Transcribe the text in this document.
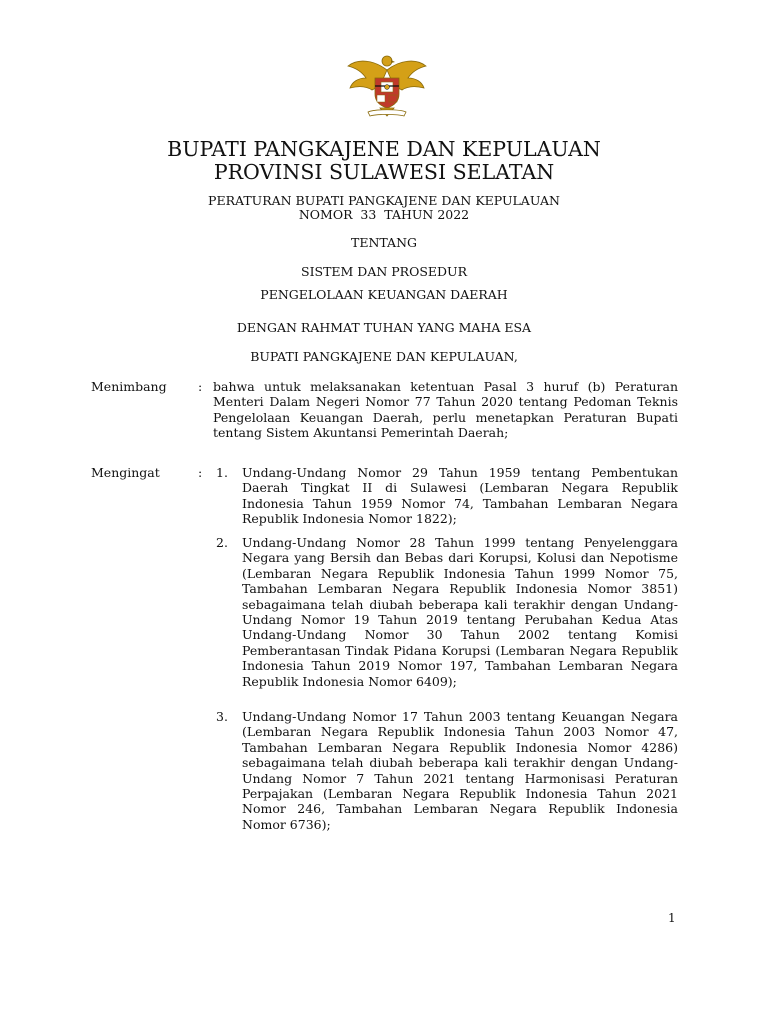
BUPATI PANGKAJENE DAN KEPULAUAN
PROVINSI SULAWESI SELATAN
PERATURAN BUPATI PANGKAJENE DAN KEPULAUAN
NOMOR  33  TAHUN 2022
TENTANG
SISTEM DAN PROSEDUR
PENGELOLAAN KEUANGAN DAERAH
DENGAN RAHMAT TUHAN YANG MAHA ESA
BUPATI PANGKAJENE DAN KEPULAUAN,
Menimbang	: bahwa untuk melaksanakan ketentuan Pasal 3 huruf (b) Peraturan Menteri Dalam Negeri Nomor 77 Tahun 2020 tentang Pedoman Teknis Pengelolaan Keuangan Daerah, perlu menetapkan Peraturan Bupati tentang Sistem Akuntansi Pemerintah Daerah;
Mengingat	: 1. Undang-Undang Nomor 29 Tahun 1959 tentang Pembentukan Daerah Tingkat II di Sulawesi (Lembaran Negara Republik Indonesia Tahun 1959 Nomor 74, Tambahan Lembaran Negara Republik Indonesia Nomor 1822);
2. Undang-Undang Nomor 28 Tahun 1999 tentang Penyelenggara Negara yang Bersih dan Bebas dari Korupsi, Kolusi dan Nepotisme (Lembaran Negara Republik Indonesia Tahun 1999 Nomor 75, Tambahan Lembaran Negara Republik Indonesia Nomor 3851) sebagaimana telah diubah beberapa kali terakhir dengan Undang-Undang Nomor 19 Tahun 2019 tentang Perubahan Kedua Atas Undang-Undang Nomor 30 Tahun 2002 tentang Komisi Pemberantasan Tindak Pidana Korupsi (Lembaran Negara Republik Indonesia Tahun 2019 Nomor 197, Tambahan Lembaran Negara Republik Indonesia Nomor 6409);
3. Undang-Undang Nomor 17 Tahun 2003 tentang Keuangan Negara (Lembaran Negara Republik Indonesia Tahun 2003 Nomor 47, Tambahan Lembaran Negara Republik Indonesia Nomor 4286) sebagaimana telah diubah beberapa kali terakhir dengan Undang-Undang Nomor 7 Tahun 2021 tentang Harmonisasi Peraturan Perpajakan (Lembaran Negara Republik Indonesia Tahun 2021 Nomor 246, Tambahan Lembaran Negara Republik Indonesia Nomor 6736);
1
